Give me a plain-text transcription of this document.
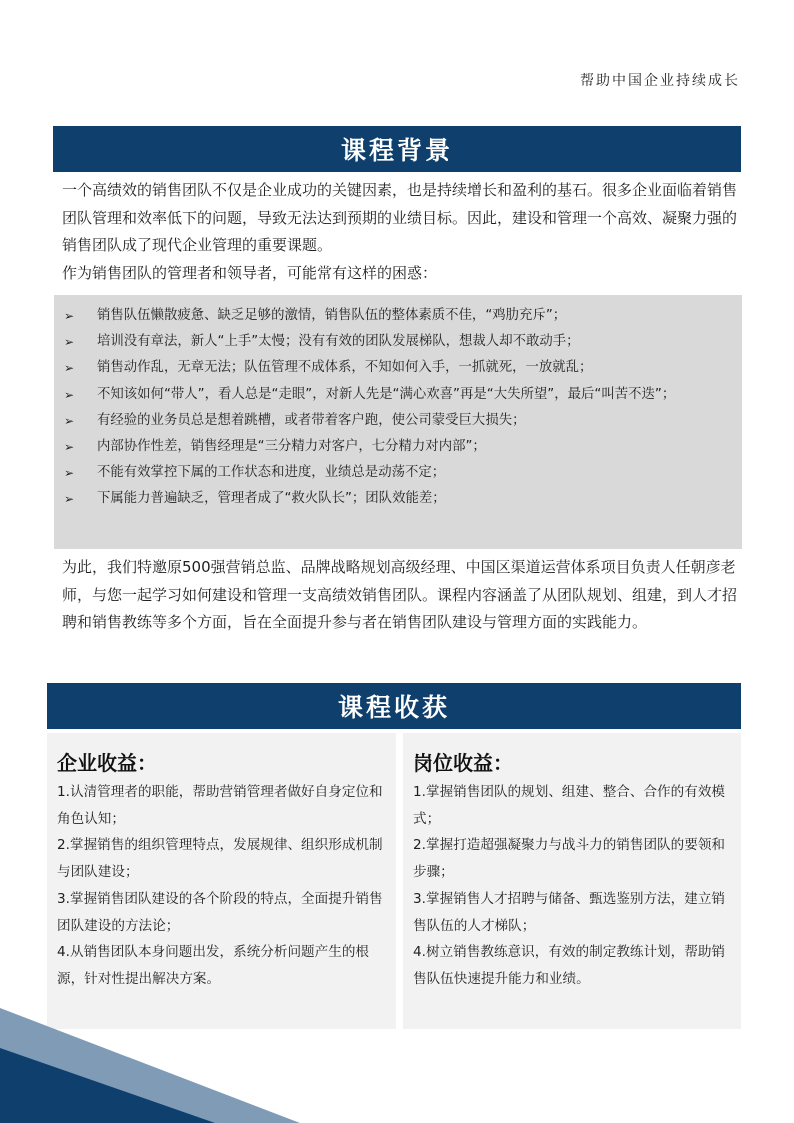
帮助中国企业持续成长
课程背景

一个高绩效的销售团队不仅是企业成功的关键因素，也是持续增长和盈利的基石。很多企业面临着销售团队管理和效率低下的问题，导致无法达到预期的业绩目标。因此，建设和管理一个高效、凝聚力强的销售团队成了现代企业管理的重要课题。

作为销售团队的管理者和领导者，可能常有这样的困惑：

➢	销售队伍懒散疲惫、缺乏足够的激情，销售队伍的整体素质不佳，“鸡肋充斥”；
➢	培训没有章法，新人“上手”太慢；没有有效的团队发展梯队，想裁人却不敢动手；
➢	销售动作乱，无章无法；队伍管理不成体系，不知如何入手，一抓就死，一放就乱；
➢	不知该如何“带人”，看人总是“走眼”，对新人先是“满心欢喜”再是“大失所望”，最后“叫苦不迭”；
➢	有经验的业务员总是想着跳槽，或者带着客户跑，使公司蒙受巨大损失；
➢	内部协作性差，销售经理是“三分精力对客户，七分精力对内部”；
➢	不能有效掌控下属的工作状态和进度，业绩总是动荡不定；
➢	下属能力普遍缺乏，管理者成了“救火队长”；团队效能差；

为此，我们特邀原500强营销总监、品牌战略规划高级经理、中国区渠道运营体系项目负责人任朝彦老师，与您一起学习如何建设和管理一支高绩效销售团队。课程内容涵盖了从团队规划、组建，到人才招聘和销售教练等多个方面，旨在全面提升参与者在销售团队建设与管理方面的实践能力。

课程收获
企业收益：

1.认清管理者的职能，帮助营销管理者做好自身定位和角色认知；

2.掌握销售的组织管理特点，发展规律、组织形成机制与团队建设；

3.掌握销售团队建设的各个阶段的特点，全面提升销售团队建设的方法论；

4.从销售团队本身问题出发，系统分析问题产生的根源，针对性提出解决方案。

岗位收益：

1.掌握销售团队的规划、组建、整合、合作的有效模式；

2.掌握打造超强凝聚力与战斗力的销售团队的要领和步骤；

3.掌握销售人才招聘与储备、甄选鉴别方法，建立销售队伍的人才梯队；

4.树立销售教练意识，有效的制定教练计划，帮助销售队伍快速提升能力和业绩。
